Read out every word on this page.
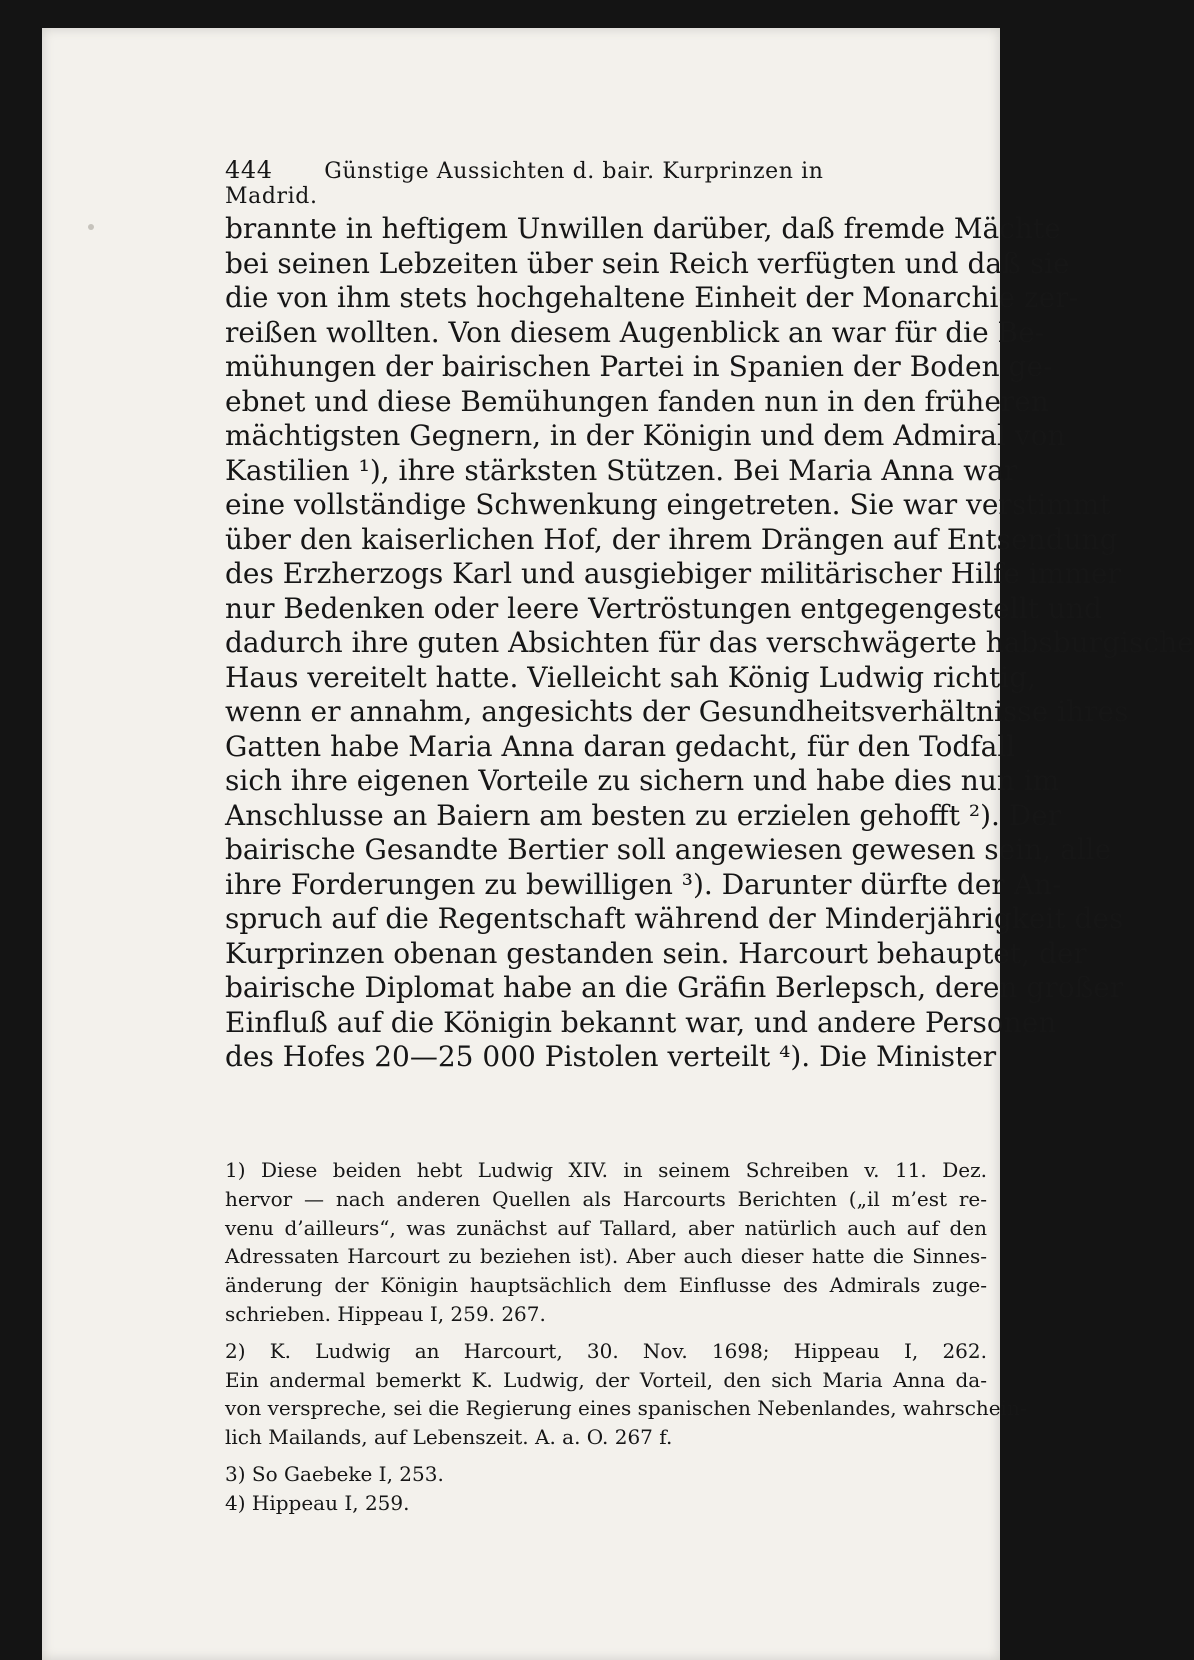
444 Günstige Aussichten d. bair. Kurprinzen in Madrid.
brannte in heftigem Unwillen darüber, daß fremde Mächte
bei seinen Lebzeiten über sein Reich verfügten und daß sie
die von ihm stets hochgehaltene Einheit der Monarchie zer-
reißen wollten. Von diesem Augenblick an war für die Be-
mühungen der bairischen Partei in Spanien der Boden ge-
ebnet und diese Bemühungen fanden nun in den früheren
mächtigsten Gegnern, in der Königin und dem Admiral von
Kastilien ¹), ihre stärksten Stützen. Bei Maria Anna war
eine vollständige Schwenkung eingetreten. Sie war verstimmt
über den kaiserlichen Hof, der ihrem Drängen auf Entsendung
des Erzherzogs Karl und ausgiebiger militärischer Hilfe immer
nur Bedenken oder leere Vertröstungen entgegengestellt und
dadurch ihre guten Absichten für das verschwägerte habsburgische
Haus vereitelt hatte. Vielleicht sah König Ludwig richtig,
wenn er annahm, angesichts der Gesundheitsverhältnisse ihres
Gatten habe Maria Anna daran gedacht, für den Todfall
sich ihre eigenen Vorteile zu sichern und habe dies nun im
Anschlusse an Baiern am besten zu erzielen gehofft ²). Der
bairische Gesandte Bertier soll angewiesen gewesen sein, alle
ihre Forderungen zu bewilligen ³). Darunter dürfte der An-
spruch auf die Regentschaft während der Minderjährigkeit des
Kurprinzen obenan gestanden sein. Harcourt behauptet, der
bairische Diplomat habe an die Gräfin Berlepsch, deren großer
Einfluß auf die Königin bekannt war, und andere Personen
des Hofes 20—25 000 Pistolen verteilt ⁴). Die Minister
1) Diese beiden hebt Ludwig XIV. in seinem Schreiben v. 11. Dez.
hervor — nach anderen Quellen als Harcourts Berichten („il m’est re-
venu d’ailleurs“, was zunächst auf Tallard, aber natürlich auch auf den
Adressaten Harcourt zu beziehen ist). Aber auch dieser hatte die Sinnes-
änderung der Königin hauptsächlich dem Einflusse des Admirals zuge-
schrieben. Hippeau I, 259. 267.
2) K. Ludwig an Harcourt, 30. Nov. 1698; Hippeau I, 262.
Ein andermal bemerkt K. Ludwig, der Vorteil, den sich Maria Anna da-
von verspreche, sei die Regierung eines spanischen Nebenlandes, wahrschein-
lich Mailands, auf Lebenszeit. A. a. O. 267 f.
3) So Gaebeke I, 253.
4) Hippeau I, 259.
